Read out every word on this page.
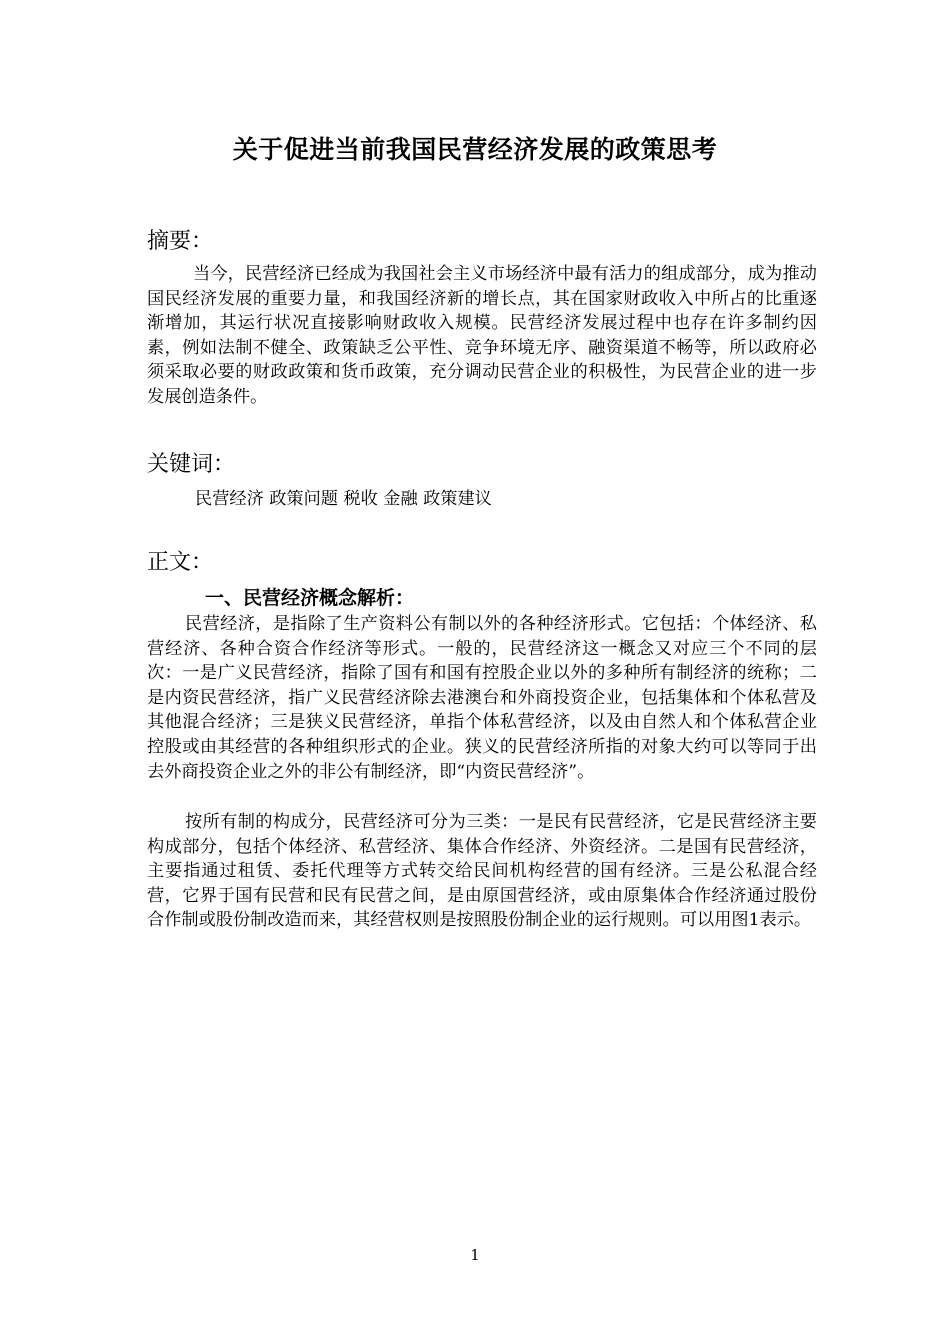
关于促进当前我国民营经济发展的政策思考
摘要：

当今，民营经济已经成为我国社会主义市场经济中最有活力的组成部分，成为推动国民经济发展的重要力量，和我国经济新的增长点，其在国家财政收入中所占的比重逐渐增加，其运行状况直接影响财政收入规模。民营经济发展过程中也存在许多制约因素，例如法制不健全、政策缺乏公平性、竞争环境无序、融资渠道不畅等，所以政府必须采取必要的财政政策和货币政策，充分调动民营企业的积极性，为民营企业的进一步发展创造条件。

关键词：
民营经济 政策问题 税收 金融 政策建议
正文：
一、民营经济概念解析：

民营经济，是指除了生产资料公有制以外的各种经济形式。它包括：个体经济、私营经济、各种合资合作经济等形式。一般的，民营经济这一概念又对应三个不同的层次：一是广义民营经济，指除了国有和国有控股企业以外的多种所有制经济的统称；二是内资民营经济，指广义民营经济除去港澳台和外商投资企业，包括集体和个体私营及其他混合经济；三是狭义民营经济，单指个体私营经济，以及由自然人和个体私营企业控股或由其经营的各种组织形式的企业。狭义的民营经济所指的对象大约可以等同于出去外商投资企业之外的非公有制经济，即“内资民营经济”。

按所有制的构成分，民营经济可分为三类：一是民有民营经济，它是民营经济主要构成部分，包括个体经济、私营经济、集体合作经济、外资经济。二是国有民营经济，主要指通过租赁、委托代理等方式转交给民间机构经营的国有经济。三是公私混合经营，它界于国有民营和民有民营之间，是由原国营经济，或由原集体合作经济通过股份合作制或股份制改造而来，其经营权则是按照股份制企业的运行规则。可以用图1表示。

1
